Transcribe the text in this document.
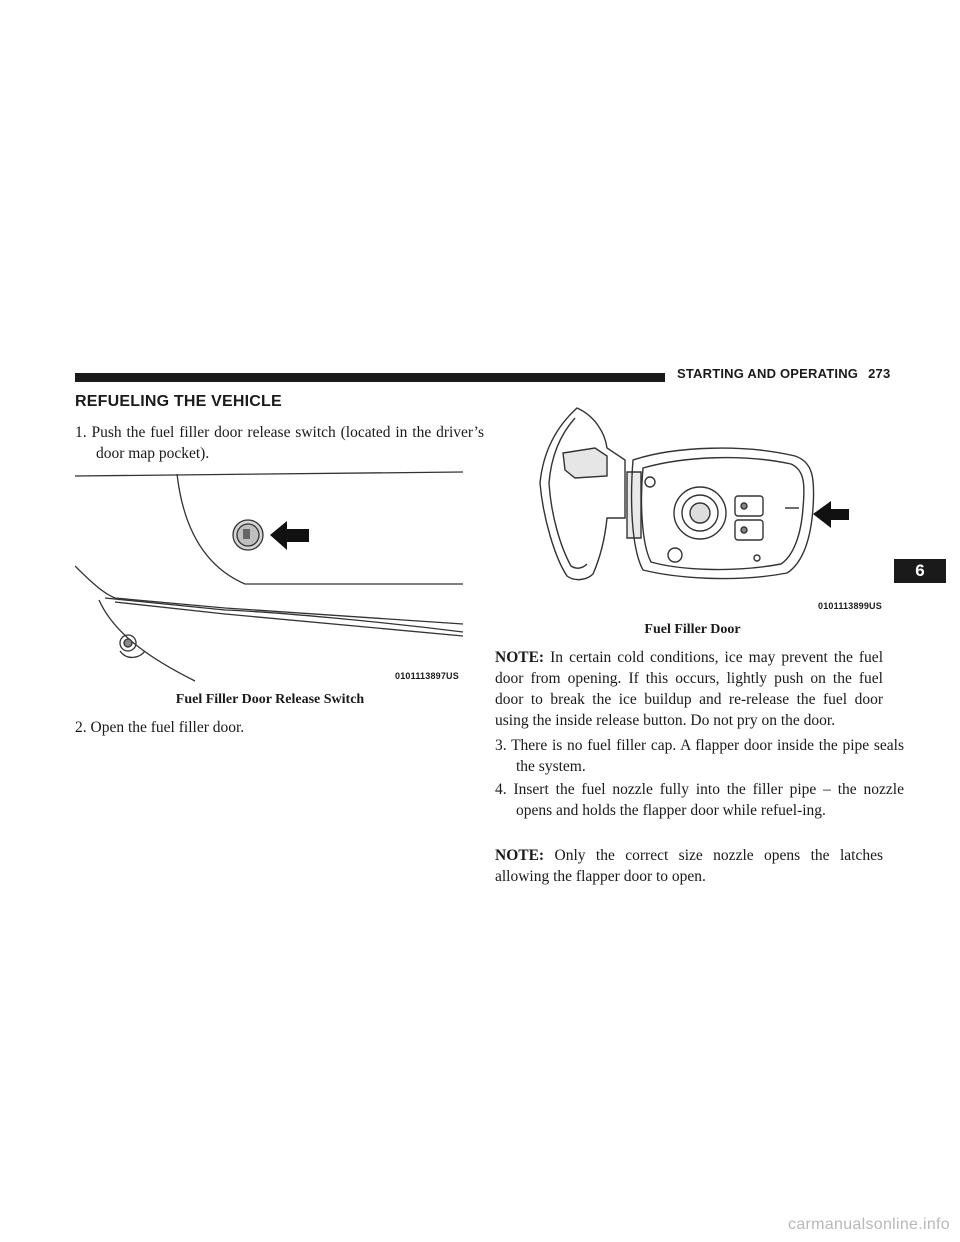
STARTING AND OPERATING 273
REFUELING THE VEHICLE

1. Push the fuel filler door release switch (located in the driver’s door map pocket).

0101113897US
Fuel Filler Door Release Switch

2. Open the fuel filler door.

0101113899US
Fuel Filler Door

NOTE: In certain cold conditions, ice may prevent the fuel door from opening. If this occurs, lightly push on the fuel door to break the ice buildup and re-release the fuel door using the inside release button. Do not pry on the door.

3. There is no fuel filler cap. A flapper door inside the pipe seals the system.

4. Insert the fuel nozzle fully into the filler pipe – the nozzle opens and holds the flapper door while refuel-ing.

NOTE: Only the correct size nozzle opens the latches allowing the flapper door to open.

6
carmanualsonline.info
